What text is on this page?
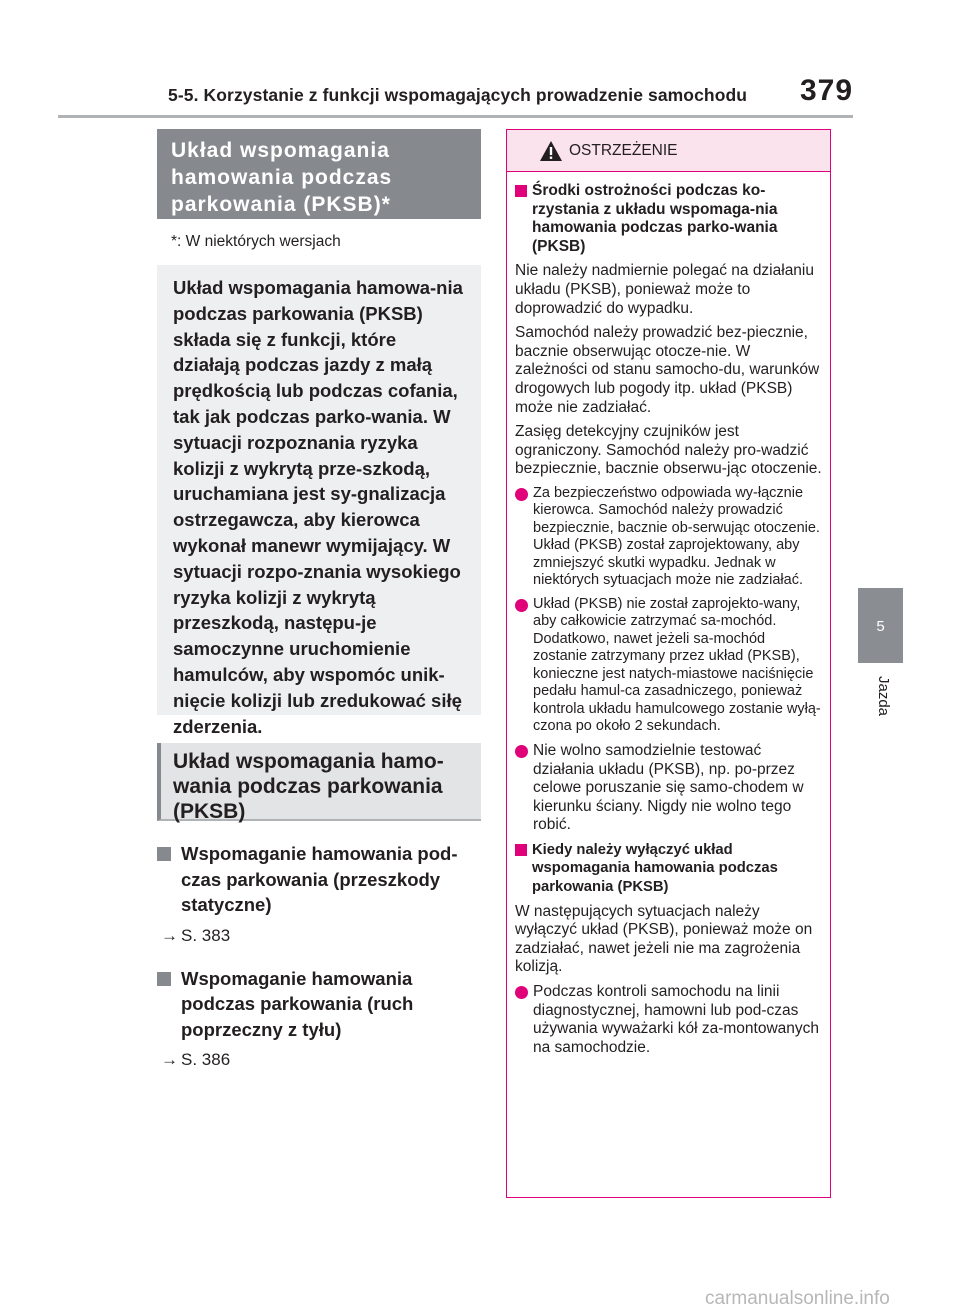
5-5. Korzystanie z funkcji wspomagających prowadzenie samochodu 379
5
Jazda
Układ wspomagania hamowania podczas parkowania (PKSB)*
*: W niektórych wersjach
Układ wspomagania hamowa-nia podczas parkowania (PKSB) składa się z funkcji, które działają podczas jazdy z małą prędkością lub podczas cofania, tak jak podczas parko-wania. W sytuacji rozpoznania ryzyka kolizji z wykrytą prze-szkodą, uruchamiana jest sy-gnalizacja ostrzegawcza, aby kierowca wykonał manewr wymijający. W sytuacji rozpo-znania wysokiego ryzyka kolizji z wykrytą przeszkodą, następu-je samoczynne uruchomienie hamulców, aby wspomóc unik-nięcie kolizji lub zredukować siłę zderzenia.
Układ wspomagania hamo-wania podczas parkowania (PKSB)
Wspomaganie hamowania pod-czas parkowania (przeszkody statyczne)
→ S. 383
Wspomaganie hamowania podczas parkowania (ruch poprzeczny z tyłu)
→ S. 386
OSTRZEŻENIE
Środki ostrożności podczas ko-rzystania z układu wspomaga-nia hamowania podczas parko-wania (PKSB)
Nie należy nadmiernie polegać na działaniu układu (PKSB), ponieważ może to doprowadzić do wypadku.
Samochód należy prowadzić bez-piecznie, bacznie obserwując otocze-nie. W zależności od stanu samocho-du, warunków drogowych lub pogody itp. układ (PKSB) może nie zadziałać.
Zasięg detekcyjny czujników jest ograniczony. Samochód należy pro-wadzić bezpiecznie, bacznie obserwu-jąc otoczenie.
Za bezpieczeństwo odpowiada wy-łącznie kierowca. Samochód należy prowadzić bezpiecznie, bacznie ob-serwując otoczenie. Układ (PKSB) został zaprojektowany, aby zmniejszyć skutki wypadku. Jednak w niektórych sytuacjach może nie zadziałać.
Układ (PKSB) nie został zaprojekto-wany, aby całkowicie zatrzymać sa-mochód. Dodatkowo, nawet jeżeli sa-mochód zostanie zatrzymany przez układ (PKSB), konieczne jest natych-miastowe naciśnięcie pedału hamul-ca zasadniczego, ponieważ kontrola układu hamulcowego zostanie wyłą-czona po około 2 sekundach.
Nie wolno samodzielnie testować działania układu (PKSB), np. po-przez celowe poruszanie się samo-chodem w kierunku ściany. Nigdy nie wolno tego robić.
Kiedy należy wyłączyć układ wspomagania hamowania podczas parkowania (PKSB)
W następujących sytuacjach należy wyłączyć układ (PKSB), ponieważ może on zadziałać, nawet jeżeli nie ma zagrożenia kolizją.
Podczas kontroli samochodu na linii diagnostycznej, hamowni lub pod-czas używania wyważarki kół za-montowanych na samochodzie.
carmanualsonline.info
